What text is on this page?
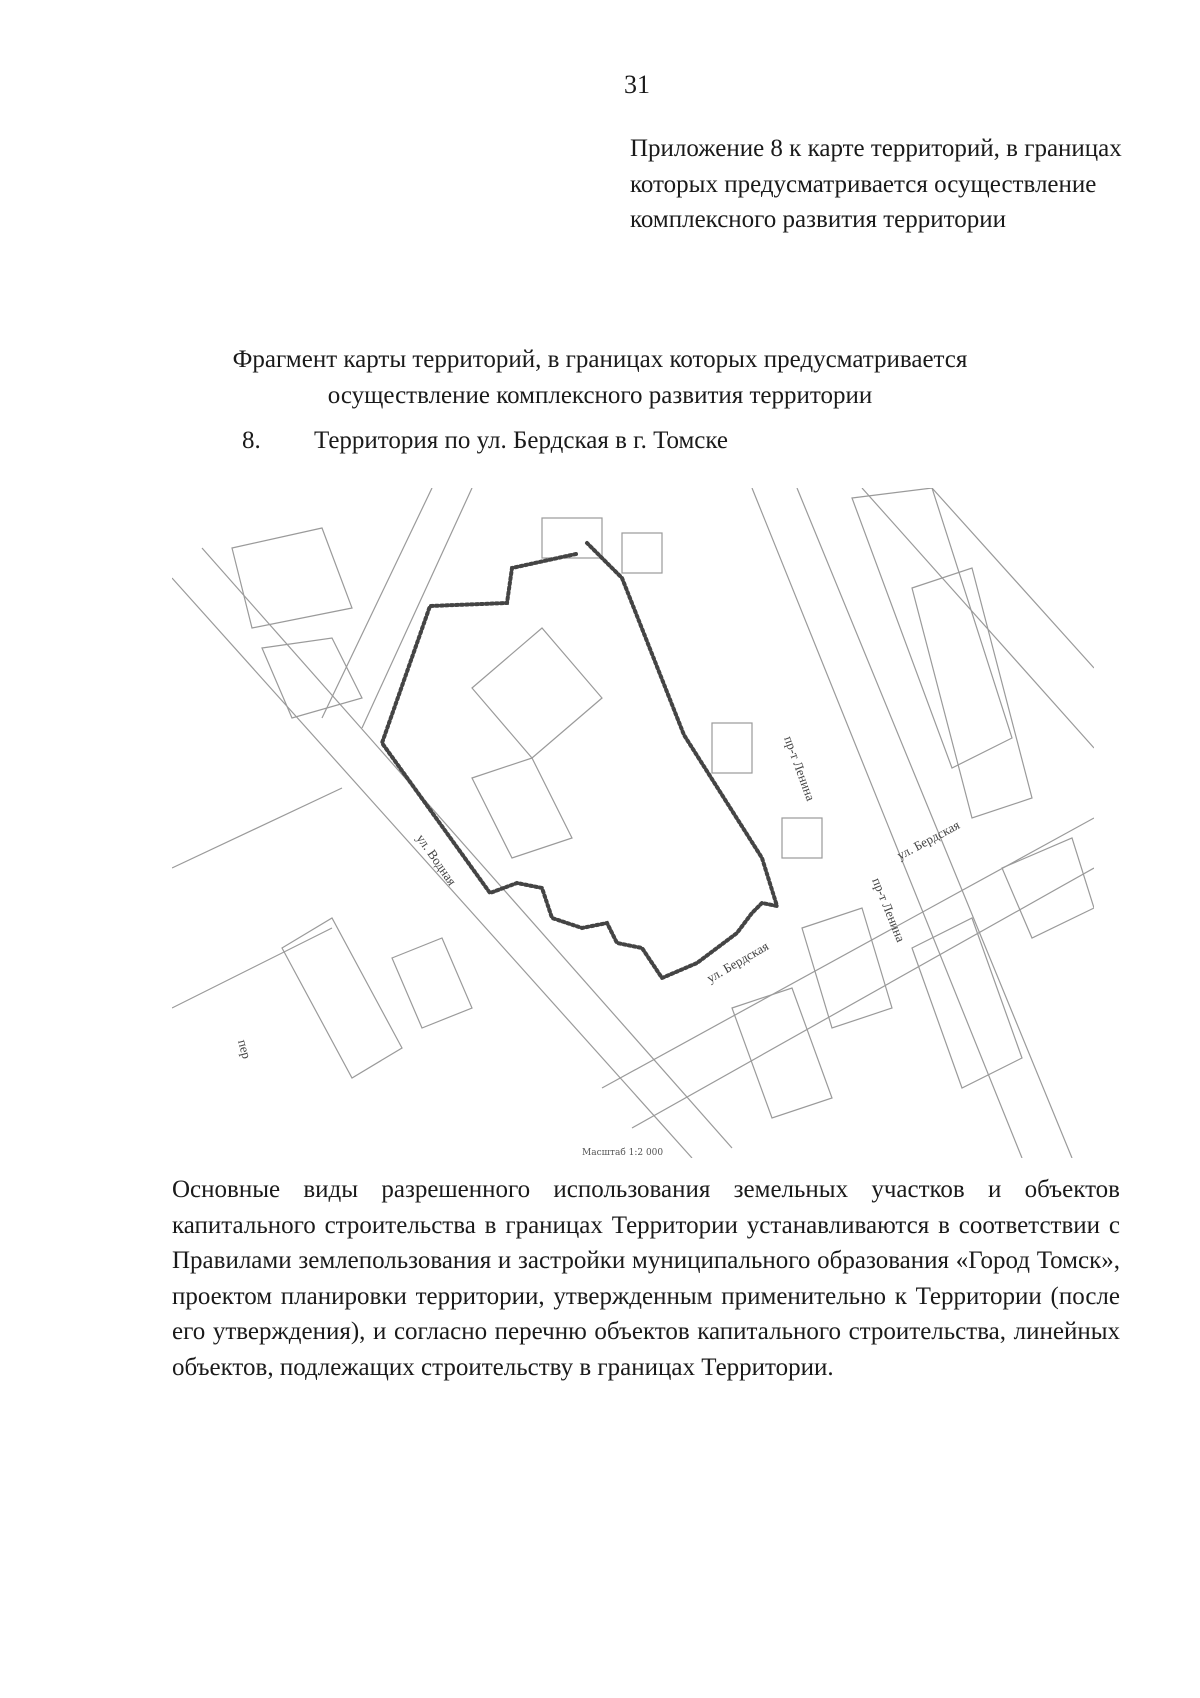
31
Приложение 8 к карте территорий, в границах которых предусматривается осуществление комплексного развития территории
Фрагмент карты территорий, в границах которых предусматривается осуществление комплексного развития территории
8. Территория по ул. Бердская в г. Томске
пр-т Ленина
пр-т Ленина
ул. Бердская
ул. Бердская
ул. Водная
пер
Масштаб 1:2 000
Основные виды разрешенного использования земельных участков и объектов капитального строительства в границах Территории устанавливаются в соответствии с Правилами землепользования и застройки муниципального образования «Город Томск», проектом планировки территории, утвержденным применительно к Территории (после его утверждения), и согласно перечню объектов капитального строительства, линейных объектов, подлежащих строительству в границах Территории.
